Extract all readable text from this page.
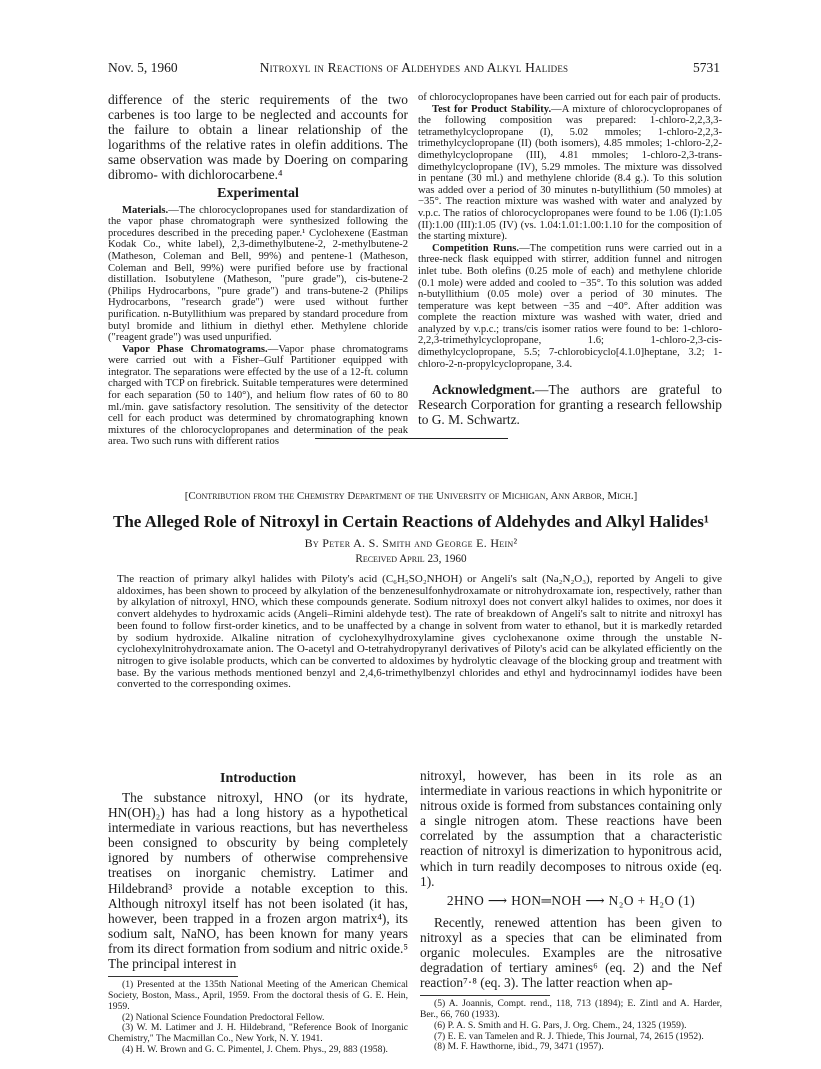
Nov. 5, 1960	Nitroxyl in Reactions of Aldehydes and Alkyl Halides	5731

difference of the steric requirements of the two carbenes is too large to be neglected and accounts for the failure to obtain a linear relationship of the logarithms of the relative rates in olefin additions. The same observation was made by Doering on comparing dibromo- with dichlorocarbene.⁴

Experimental

Materials.—The chlorocyclopropanes used for standardization of the vapor phase chromatograph were synthesized following the procedures described in the preceding paper.¹ Cyclohexene (Eastman Kodak Co., white label), 2,3-dimethylbutene-2, 2-methylbutene-2 (Matheson, Coleman and Bell, 99%) and pentene-1 (Matheson, Coleman and Bell, 99%) were purified before use by fractional distillation. Isobutylene (Matheson, "pure grade"), cis-butene-2 (Philips Hydrocarbons, "pure grade") and trans-butene-2 (Philips Hydrocarbons, "research grade") were used without further purification. n-Butyllithium was prepared by standard procedure from butyl bromide and lithium in diethyl ether. Methylene chloride ("reagent grade") was used unpurified.

Vapor Phase Chromatograms.—Vapor phase chromatograms were carried out with a Fisher–Gulf Partitioner equipped with integrator. The separations were effected by the use of a 12-ft. column charged with TCP on firebrick. Suitable temperatures were determined for each separation (50 to 140°), and helium flow rates of 60 to 80 ml./min. gave satisfactory resolution. The sensitivity of the detector cell for each product was determined by chromatographing known mixtures of the chlorocyclopropanes and determination of the peak area. Two such runs with different ratios

of chlorocyclopropanes have been carried out for each pair of products.

Test for Product Stability.—A mixture of chlorocyclopropanes of the following composition was prepared: 1-chloro-2,2,3,3-tetramethylcyclopropane (I), 5.02 mmoles; 1-chloro-2,2,3-trimethylcyclopropane (II) (both isomers), 4.85 mmoles; 1-chloro-2,2-dimethylcyclopropane (III), 4.81 mmoles; 1-chloro-2,3-trans-dimethylcyclopropane (IV), 5.29 mmoles. The mixture was dissolved in pentane (30 ml.) and methylene chloride (8.4 g.). To this solution was added over a period of 30 minutes n-butyllithium (50 mmoles) at −35°. The reaction mixture was washed with water and analyzed by v.p.c. The ratios of chlorocyclopropanes were found to be 1.06 (I):1.05 (II):1.00 (III):1.05 (IV) (vs. 1.04:1.01:1.00:1.10 for the composition of the starting mixture).

Competition Runs.—The competition runs were carried out in a three-neck flask equipped with stirrer, addition funnel and nitrogen inlet tube. Both olefins (0.25 mole of each) and methylene chloride (0.1 mole) were added and cooled to −35°. To this solution was added n-butyllithium (0.05 mole) over a period of 30 minutes. The temperature was kept between −35 and −40°. After addition was complete the reaction mixture was washed with water, dried and analyzed by v.p.c.; trans/cis isomer ratios were found to be: 1-chloro-2,2,3-trimethylcyclopropane, 1.6; 1-chloro-2,3-cis-dimethylcyclopropane, 5.5; 7-chlorobicyclo[4.1.0]heptane, 3.2; 1-chloro-2-n-propylcyclopropane, 3.4.

Acknowledgment.—The authors are grateful to Research Corporation for granting a research fellowship to G. M. Schwartz.

[Contribution from the Chemistry Department of the University of Michigan, Ann Arbor, Mich.]
The Alleged Role of Nitroxyl in Certain Reactions of Aldehydes and Alkyl Halides¹
By Peter A. S. Smith and George E. Hein²
Received April 23, 1960
The reaction of primary alkyl halides with Piloty's acid (C₆H₅SO₂NHOH) or Angeli's salt (Na₂N₂O₃), reported by Angeli to give aldoximes, has been shown to proceed by alkylation of the benzenesulfonhydroxamate or nitrohydroxamate ion, respectively, rather than by alkylation of nitroxyl, HNO, which these compounds generate. Sodium nitroxyl does not convert alkyl halides to oximes, nor does it convert aldehydes to hydroxamic acids (Angeli–Rimini aldehyde test). The rate of breakdown of Angeli's salt to nitrite and nitroxyl has been found to follow first-order kinetics, and to be unaffected by a change in solvent from water to ethanol, but it is markedly retarded by sodium hydroxide. Alkaline nitration of cyclohexylhydroxylamine gives cyclohexanone oxime through the unstable N-cyclohexylnitrohydroxamate anion. The O-acetyl and O-tetrahydropyranyl derivatives of Piloty's acid can be alkylated efficiently on the nitrogen to give isolable products, which can be converted to aldoximes by hydrolytic cleavage of the blocking group and treatment with base. By the various methods mentioned benzyl and 2,4,6-trimethylbenzyl chlorides and ethyl and hydrocinnamyl iodides have been converted to the corresponding oximes.
Introduction

The substance nitroxyl, HNO (or its hydrate, HN(OH)₂) has had a long history as a hypothetical intermediate in various reactions, but has nevertheless been consigned to obscurity by being completely ignored by numbers of otherwise comprehensive treatises on inorganic chemistry. Latimer and Hildebrand³ provide a notable exception to this. Although nitroxyl itself has not been isolated (it has, however, been trapped in a frozen argon matrix⁴), its sodium salt, NaNO, has been known for many years from its direct formation from sodium and nitric oxide.⁵ The principal interest in

(1) Presented at the 135th National Meeting of the American Chemical Society, Boston, Mass., April, 1959. From the doctoral thesis of G. E. Hein, 1959.

(2) National Science Foundation Predoctoral Fellow.

(3) W. M. Latimer and J. H. Hildebrand, "Reference Book of Inorganic Chemistry," The Macmillan Co., New York, N. Y. 1941.

(4) H. W. Brown and G. C. Pimentel, J. Chem. Phys., 29, 883 (1958).

nitroxyl, however, has been in its role as an intermediate in various reactions in which hyponitrite or nitrous oxide is formed from substances containing only a single nitrogen atom. These reactions have been correlated by the assumption that a characteristic reaction of nitroxyl is dimerization to hyponitrous acid, which in turn readily decomposes to nitrous oxide (eq. 1).

2HNO ⟶ HON═NOH ⟶ N₂O + H₂O (1)

Recently, renewed attention has been given to nitroxyl as a species that can be eliminated from organic molecules. Examples are the nitrosative degradation of tertiary amines⁶ (eq. 2) and the Nef reaction⁷·⁸ (eq. 3). The latter reaction when ap-

(5) A. Joannis, Compt. rend., 118, 713 (1894); E. Zintl and A. Harder, Ber., 66, 760 (1933).

(6) P. A. S. Smith and H. G. Pars, J. Org. Chem., 24, 1325 (1959).

(7) E. E. van Tamelen and R. J. Thiede, This Journal, 74, 2615 (1952).

(8) M. F. Hawthorne, ibid., 79, 3471 (1957).
